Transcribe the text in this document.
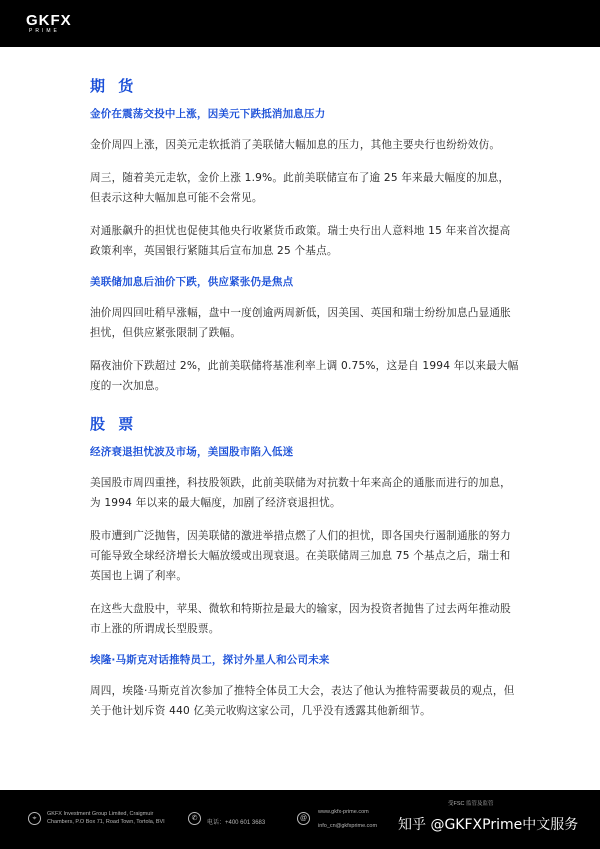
GKFX
PRIME
期 货
金价在震荡交投中上涨，因美元下跌抵消加息压力
金价周四上涨，因美元走软抵消了美联储大幅加息的压力，其他主要央行也纷纷效仿。
周三，随着美元走软，金价上涨 1.9%。此前美联储宣布了逾 25 年来最大幅度的加息，但表示这种大幅加息可能不会常见。
对通胀飙升的担忧也促使其他央行收紧货币政策。瑞士央行出人意料地 15 年来首次提高政策利率，英国银行紧随其后宣布加息 25 个基点。
美联储加息后油价下跌，供应紧张仍是焦点
油价周四回吐稍早涨幅，盘中一度创逾两周新低，因美国、英国和瑞士纷纷加息凸显通胀担忧，但供应紧张限制了跌幅。
隔夜油价下跌超过 2%，此前美联储将基准利率上调 0.75%，这是自 1994 年以来最大幅度的一次加息。
股 票
经济衰退担忧波及市场，美国股市陷入低迷
美国股市周四重挫，科技股领跌，此前美联储为对抗数十年来高企的通胀而进行的加息，为 1994 年以来的最大幅度，加剧了经济衰退担忧。
股市遭到广泛抛售，因美联储的激进举措点燃了人们的担忧，即各国央行遏制通胀的努力可能导致全球经济增长大幅放缓或出现衰退。在美联储周三加息 75 个基点之后，瑞士和英国也上调了利率。
在这些大盘股中，苹果、微软和特斯拉是最大的输家，因为投资者抛售了过去两年推动股市上涨的所谓成长型股票。
埃隆·马斯克对话推特员工，探讨外星人和公司未来
周四，埃隆·马斯克首次参加了推特全体员工大会，表达了他认为推特需要裁员的观点，但关于他计划斥资 440 亿美元收购这家公司，几乎没有透露其他新细节。
⌖
GKFX Investment Group Limited, Craigmuir
Chambers, P.O Box 71, Road Town, Tortola, BVI	✆
电话：+400 601 3683
@
www.gkfx-prime.com
info_cn@gkfxprime.com
受FSC 监管及监管
知乎 @GKFXPrime中文服务
